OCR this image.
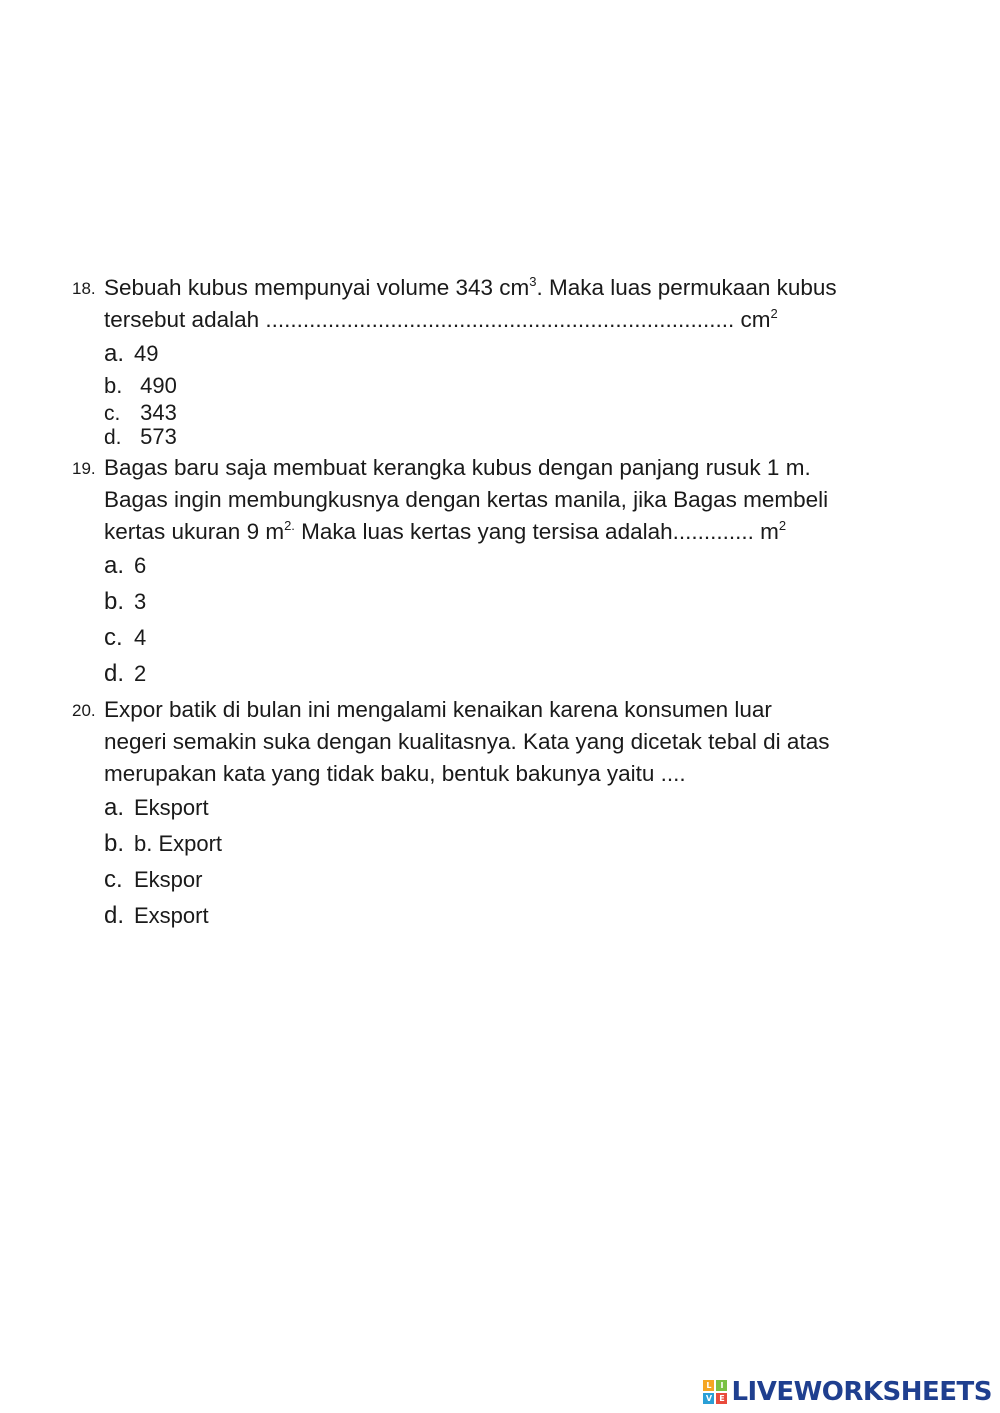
18. Sebuah kubus mempunyai volume 343 $cm^3$. Maka luas permukaan kubus
tersebut adalah ........................................................................... $cm^2$
a. 49
b. 490
c. 343
d. 573
19. Bagas baru saja membuat kerangka kubus dengan panjang rusuk 1 m.
Bagas ingin membungkusnya dengan kertas manila, jika Bagas membeli
kertas ukuran 9 $m^{2.}$ Maka luas kertas yang tersisa adalah............. $m^2$
a. 6
b. 3
c. 4
d. 2
20. Expor batik di bulan ini mengalami kenaikan karena konsumen luar
negeri semakin suka dengan kualitasnya. Kata yang dicetak tebal di atas
merupakan kata yang tidak baku, bentuk bakunya yaitu ....
a. Eksport
b. b. Export
c. Ekspor
d. Exsport
L	I
V E LIVEWORKSHEETS
